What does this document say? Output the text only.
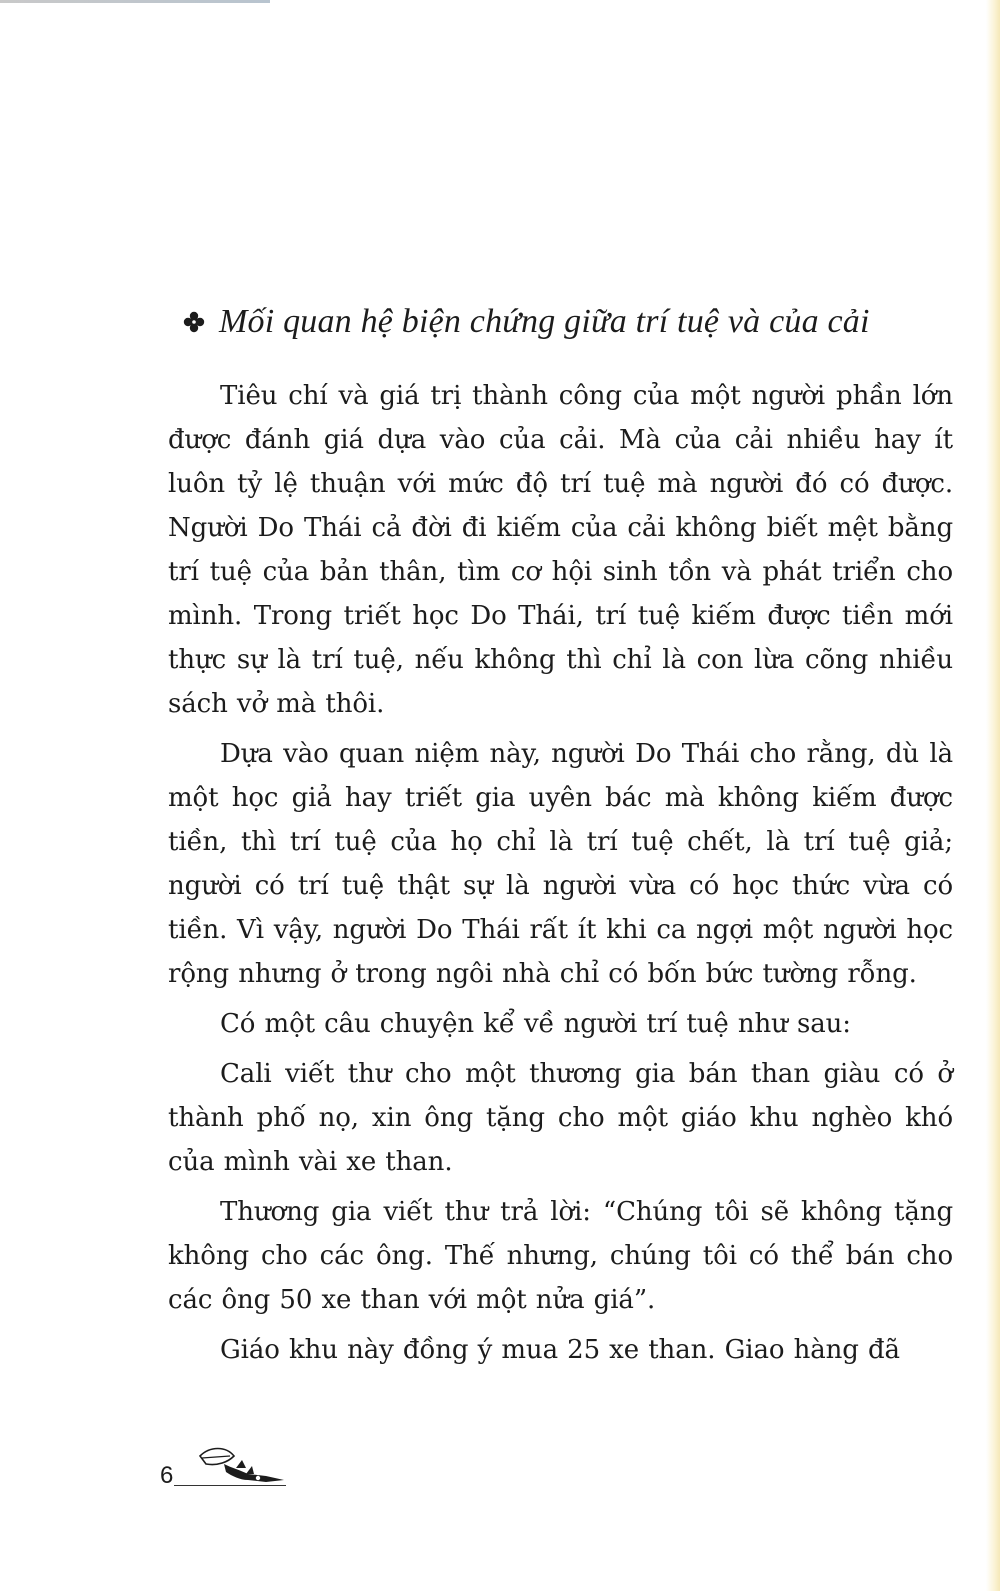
Mối quan hệ biện chứng giữa trí tuệ và của cải

Tiêu chí và giá trị thành công của một người phần lớn được đánh giá dựa vào của cải. Mà của cải nhiều hay ít luôn tỷ lệ thuận với mức độ trí tuệ mà người đó có được. Người Do Thái cả đời đi kiếm của cải không biết mệt bằng trí tuệ của bản thân, tìm cơ hội sinh tồn và phát triển cho mình. Trong triết học Do Thái, trí tuệ kiếm được tiền mới thực sự là trí tuệ, nếu không thì chỉ là con lừa cõng nhiều sách vở mà thôi.

Dựa vào quan niệm này, người Do Thái cho rằng, dù là một học giả hay triết gia uyên bác mà không kiếm được tiền, thì trí tuệ của họ chỉ là trí tuệ chết, là trí tuệ giả; người có trí tuệ thật sự là người vừa có học thức vừa có tiền. Vì vậy, người Do Thái rất ít khi ca ngợi một người học rộng nhưng ở trong ngôi nhà chỉ có bốn bức tường rỗng.

Có một câu chuyện kể về người trí tuệ như sau:

Cali viết thư cho một thương gia bán than giàu có ở thành phố nọ, xin ông tặng cho một giáo khu nghèo khó của mình vài xe than.

Thương gia viết thư trả lời: “Chúng tôi sẽ không tặng không cho các ông. Thế nhưng, chúng tôi có thể bán cho các ông 50 xe than với một nửa giá”.

Giáo khu này đồng ý mua 25 xe than. Giao hàng đã

6
